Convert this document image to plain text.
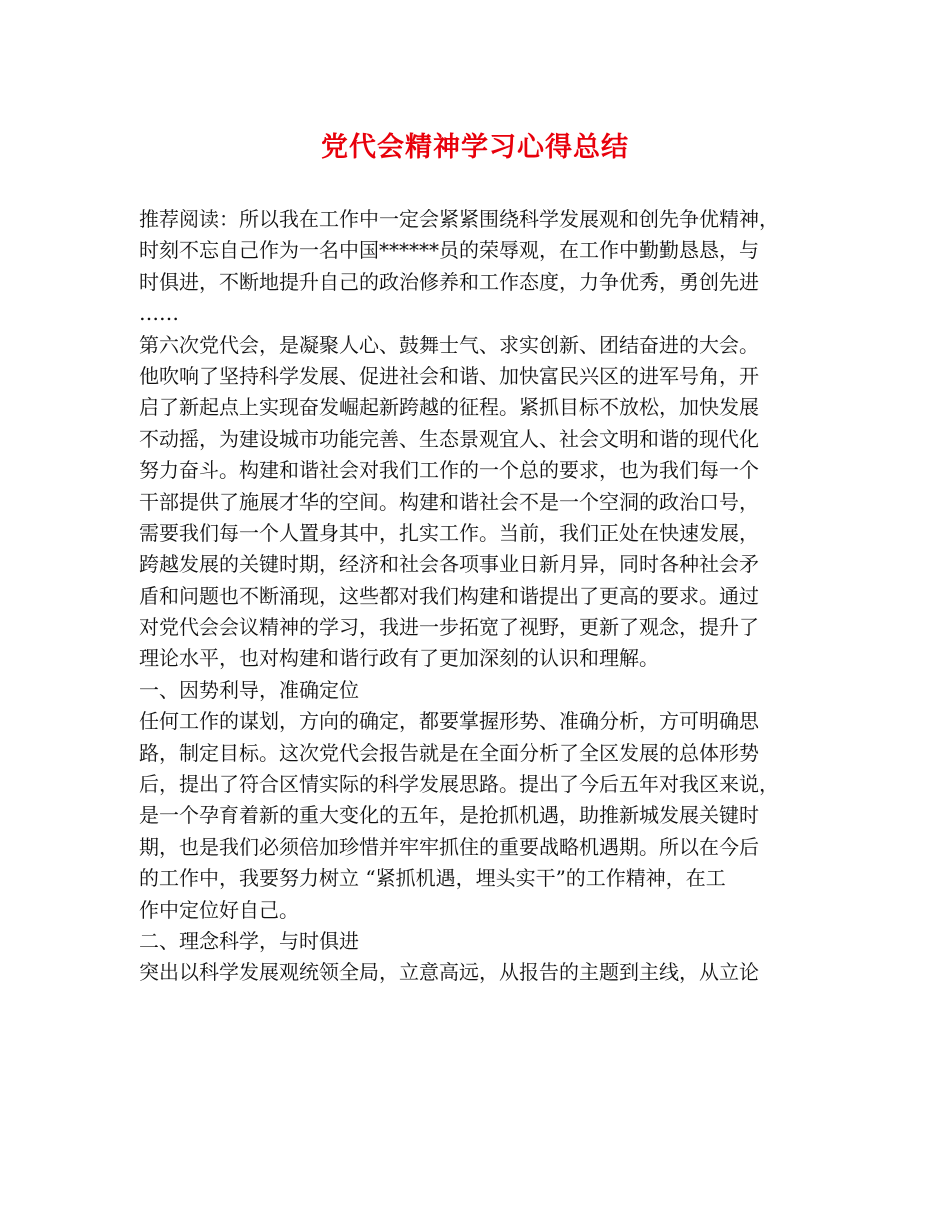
党代会精神学习心得总结
推荐阅读：所以我在工作中一定会紧紧围绕科学发展观和创先争优精神，
时刻不忘自己作为一名中国******员的荣辱观，在工作中勤勤恳恳，与
时俱进，不断地提升自己的政治修养和工作态度，力争优秀，勇创先进
……
第六次党代会，是凝聚人心、鼓舞士气、求实创新、团结奋进的大会。
他吹响了坚持科学发展、促进社会和谐、加快富民兴区的进军号角，开
启了新起点上实现奋发崛起新跨越的征程。紧抓目标不放松，加快发展
不动摇，为建设城市功能完善、生态景观宜人、社会文明和谐的现代化
努力奋斗。构建和谐社会对我们工作的一个总的要求，也为我们每一个
干部提供了施展才华的空间。构建和谐社会不是一个空洞的政治口号，
需要我们每一个人置身其中，扎实工作。当前，我们正处在快速发展，
跨越发展的关键时期，经济和社会各项事业日新月异，同时各种社会矛
盾和问题也不断涌现，这些都对我们构建和谐提出了更高的要求。通过
对党代会会议精神的学习，我进一步拓宽了视野，更新了观念，提升了
理论水平，也对构建和谐行政有了更加深刻的认识和理解。
一、因势利导，准确定位
任何工作的谋划，方向的确定，都要掌握形势、准确分析，方可明确思
路，制定目标。这次党代会报告就是在全面分析了全区发展的总体形势
后，提出了符合区情实际的科学发展思路。提出了今后五年对我区来说，
是一个孕育着新的重大变化的五年，是抢抓机遇，助推新城发展关键时
期，也是我们必须倍加珍惜并牢牢抓住的重要战略机遇期。所以在今后
的工作中，我要努力树立 “紧抓机遇，埋头实干”的工作精神，在工
作中定位好自己。
二、理念科学，与时俱进
突出以科学发展观统领全局，立意高远，从报告的主题到主线，从立论
